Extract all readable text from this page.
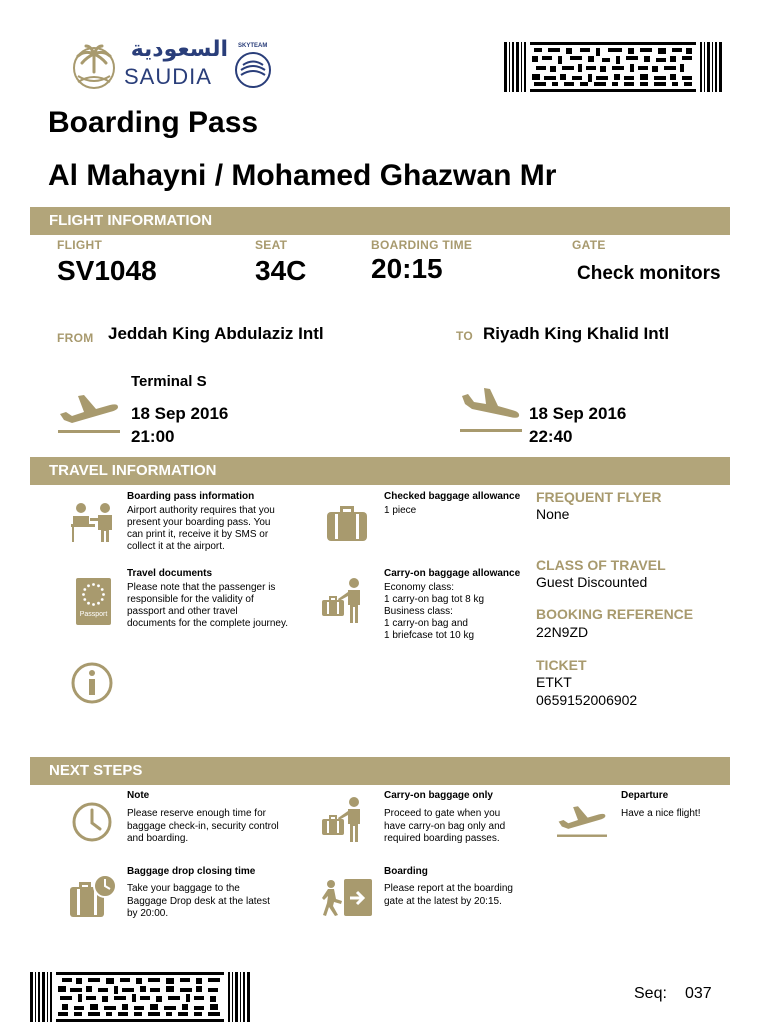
السعودية
SAUDIA
SKYTEAM
Boarding Pass
Al Mahayni / Mohamed Ghazwan Mr
FLIGHT INFORMATION
FLIGHT
SV1048
SEAT
34C
BOARDING TIME
20:15
GATE
Check monitors
FROM Jeddah King Abdulaziz Intl	TO Riyadh King Khalid Intl
Terminal S
18 Sep 2016
21:00
18 Sep 2016
22:40
TRAVEL INFORMATION
Boarding pass information
Airport authority requires that you
present your boarding pass. You
can print it, receive it by SMS or
collect it at the airport.
Passport
Travel documents
Please note that the passenger is
responsible for the validity of
passport and other travel
documents for the complete journey.
Checked baggage allowance
1 piece
Carry-on baggage allowance
Economy class:
1 carry-on bag tot 8 kg
Business class:
1 carry-on bag and
1 briefcase tot 10 kg
FREQUENT FLYER
None
CLASS OF TRAVEL
Guest Discounted
BOOKING REFERENCE
22N9ZD
TICKET
ETKT
0659152006902
NEXT STEPS
Note
Please reserve enough time for
baggage check-in, security control
and boarding.
Carry-on baggage only
Proceed to gate when you
have carry-on bag only and
required boarding passes.
Departure
Have a nice flight!
Baggage drop closing time
Take your baggage to the
Baggage Drop desk at the latest
by 20:00.
Boarding
Please report at the boarding
gate at the latest by 20:15.
Seq: 037
